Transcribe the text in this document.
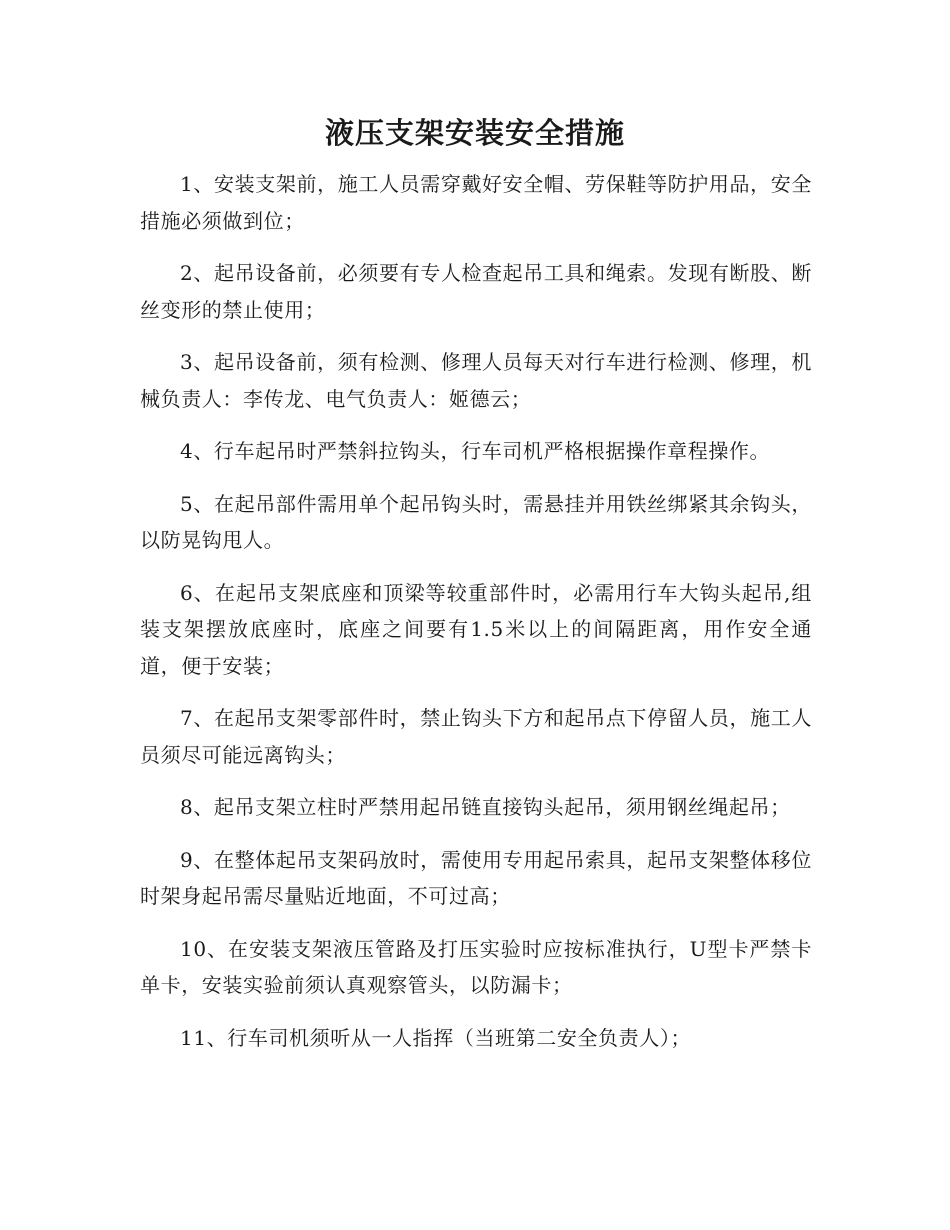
液压支架安装安全措施

1、安装支架前，施工人员需穿戴好安全帽、劳保鞋等防护用品，安全措施必须做到位；

2、起吊设备前，必须要有专人检查起吊工具和绳索。发现有断股、断丝变形的禁止使用；

3、起吊设备前，须有检测、修理人员每天对行车进行检测、修理，机械负责人：李传龙、电气负责人：姬德云；

4、行车起吊时严禁斜拉钩头，行车司机严格根据操作章程操作。

5、在起吊部件需用单个起吊钩头时，需悬挂并用铁丝绑紧其余钩头，以防晃钩甩人。

6、在起吊支架底座和顶梁等较重部件时，必需用行车大钩头起吊,组装支架摆放底座时，底座之间要有1.5米以上的间隔距离，用作安全通道，便于安装；

7、在起吊支架零部件时，禁止钩头下方和起吊点下停留人员，施工人员须尽可能远离钩头；

8、起吊支架立柱时严禁用起吊链直接钩头起吊，须用钢丝绳起吊；

9、在整体起吊支架码放时，需使用专用起吊索具，起吊支架整体移位时架身起吊需尽量贴近地面，不可过高；

10、在安装支架液压管路及打压实验时应按标准执行，U型卡严禁卡单卡，安装实验前须认真观察管头，以防漏卡；

11、行车司机须听从一人指挥（当班第二安全负责人）；
